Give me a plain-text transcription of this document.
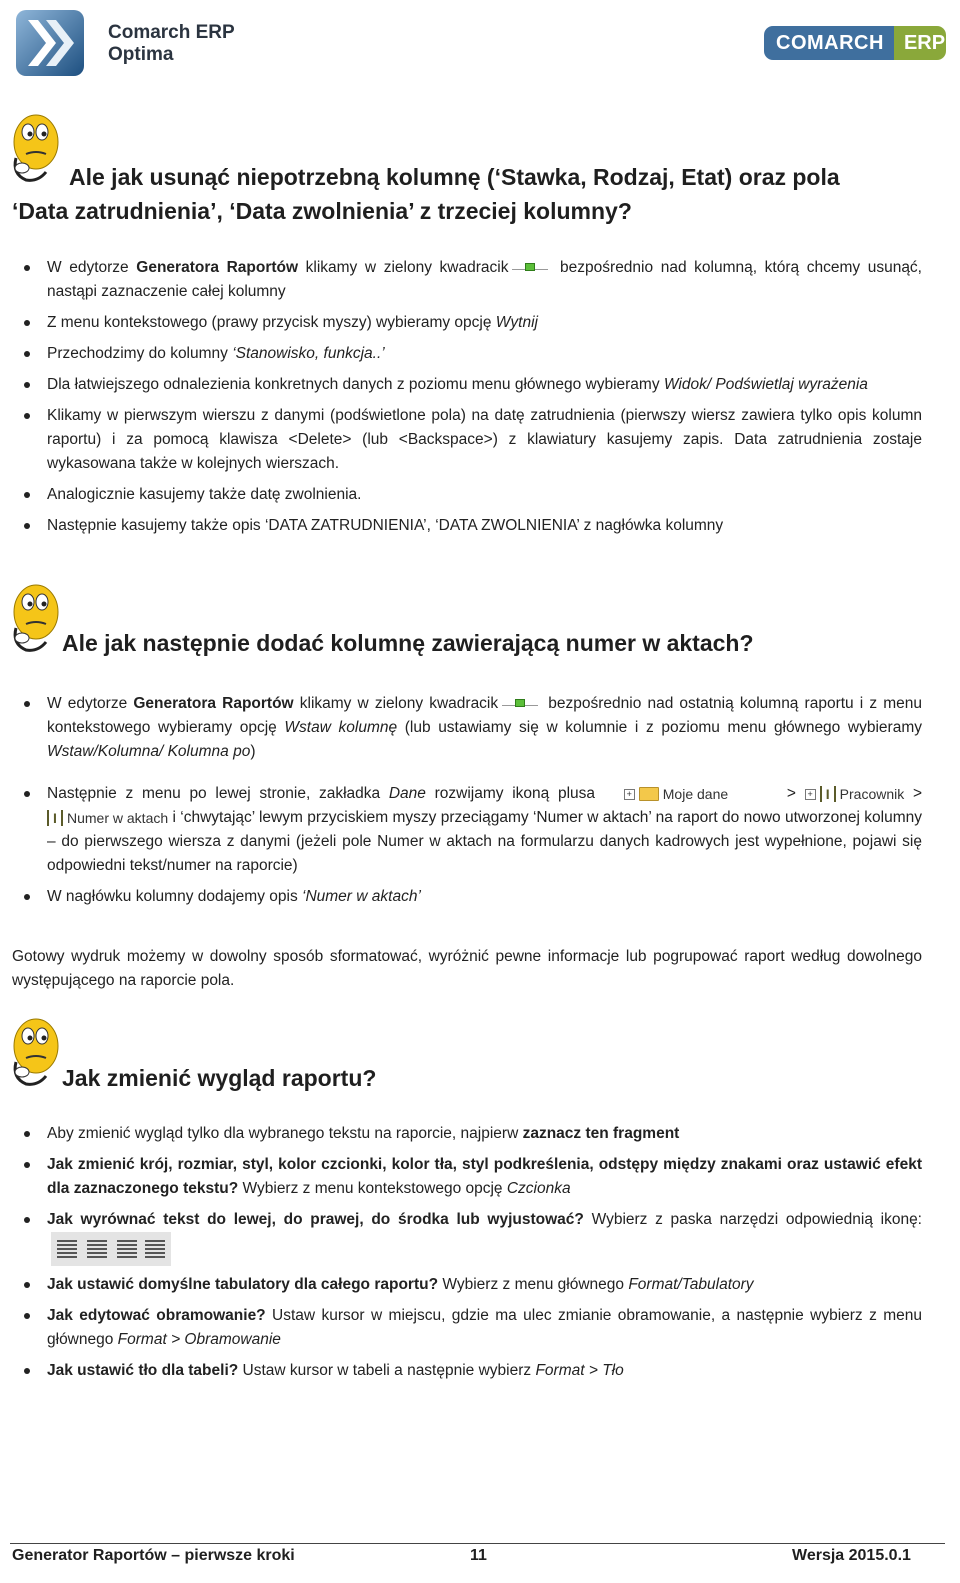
Comarch ERP
Optima
COMARCH	ERP
Ale jak usunąć niepotrzebną kolumnę (‘Stawka, Rodzaj, Etat) oraz pola
‘Data zatrudnienia’, ‘Data zwolnienia’ z trzeciej kolumny?
W edytorze Generatora Raportów klikamy w zielony kwadracik	bezpośrednio nad kolumną, którą chcemy usunąć, nastąpi zaznaczenie całej kolumny
Z menu kontekstowego (prawy przycisk myszy) wybieramy opcję Wytnij
Przechodzimy do kolumny ‘Stanowisko, funkcja..’
Dla łatwiejszego odnalezienia konkretnych danych z poziomu menu głównego wybieramy Widok/ Podświetlaj wyrażenia
Klikamy w pierwszym wierszu z danymi (podświetlone pola) na datę zatrudnienia (pierwszy wiersz zawiera tylko opis kolumn raportu) i za pomocą klawisza <Delete> (lub <Backspace>) z klawiatury kasujemy zapis. Data zatrudnienia zostaje wykasowana także w kolejnych wierszach.
Analogicznie kasujemy także datę zwolnienia.
Następnie kasujemy także opis ‘DATA ZATRUDNIENIA’, ‘DATA ZWOLNIENIA’ z nagłówka kolumny
Ale jak następnie dodać kolumnę zawierającą numer w aktach?
W edytorze Generatora Raportów klikamy w zielony kwadracik	bezpośrednio nad ostatnią kolumną raportu i z menu kontekstowego wybieramy opcję Wstaw kolumnę (lub ustawiamy się w kolumnie i z poziomu menu głównego wybieramy Wstaw/Kolumna/ Kolumna po)
Następnie z menu po lewej stronie, zakładka Dane rozwijamy ikoną plusa	+ Moje dane	>	+ I Pracownik >
I Numer w aktach i ‘chwytając’ lewym przyciskiem myszy przeciągamy ‘Numer w aktach’ na raport do nowo utworzonej kolumny – do pierwszego wiersza z danymi (jeżeli pole Numer w aktach na formularzu danych kadrowych jest wypełnione, pojawi się odpowiedni tekst/numer na raporcie)
W nagłówku kolumny dodajemy opis ‘Numer w aktach’
Gotowy wydruk możemy w dowolny sposób sformatować, wyróżnić pewne informacje lub pogrupować raport według dowolnego występującego na raporcie pola.
Jak zmienić wygląd raportu?
Aby zmienić wygląd tylko dla wybranego tekstu na raporcie, najpierw zaznacz ten fragment
Jak zmienić krój, rozmiar, styl, kolor czcionki, kolor tła, styl podkreślenia, odstępy między znakami oraz ustawić efekt dla zaznaczonego tekstu? Wybierz z menu kontekstowego opcję Czcionka
Jak wyrównać tekst do lewej, do prawej, do środka lub wyjustować? Wybierz z paska narzędzi odpowiednią ikonę:
Jak ustawić domyślne tabulatory dla całego raportu? Wybierz z menu głównego Format/Tabulatory
Jak edytować obramowanie? Ustaw kursor w miejscu, gdzie ma ulec zmianie obramowanie, a następnie wybierz z menu głównego Format > Obramowanie
Jak ustawić tło dla tabeli? Ustaw kursor w tabeli a następnie wybierz Format > Tło
Generator Raportów – pierwsze kroki	11	Wersja 2015.0.1
